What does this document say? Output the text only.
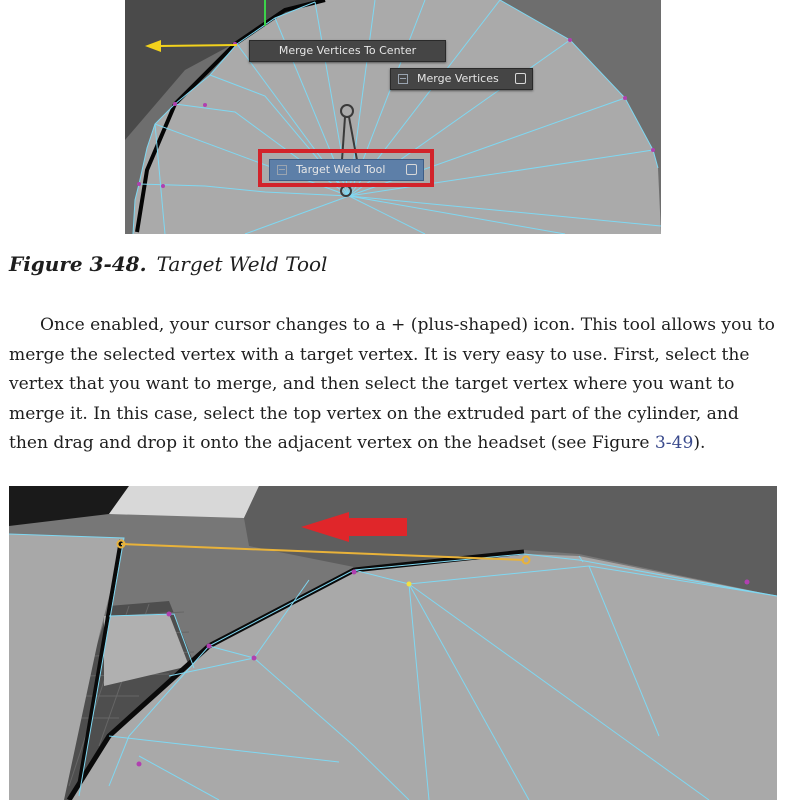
Merge Vertices To Center
Merge Vertices
Target Weld Tool
Figure 3-48. Target Weld Tool

Once enabled, your cursor changes to a + (plus-shaped) icon. This tool allows you to merge the selected vertex with a target vertex. It is very easy to use. First, select the vertex that you want to merge, and then select the target vertex where you want to merge it. In this case, select the top vertex on the extruded part of the cylinder, and then drag and drop it onto the adjacent vertex on the headset (see Figure 3-49).
